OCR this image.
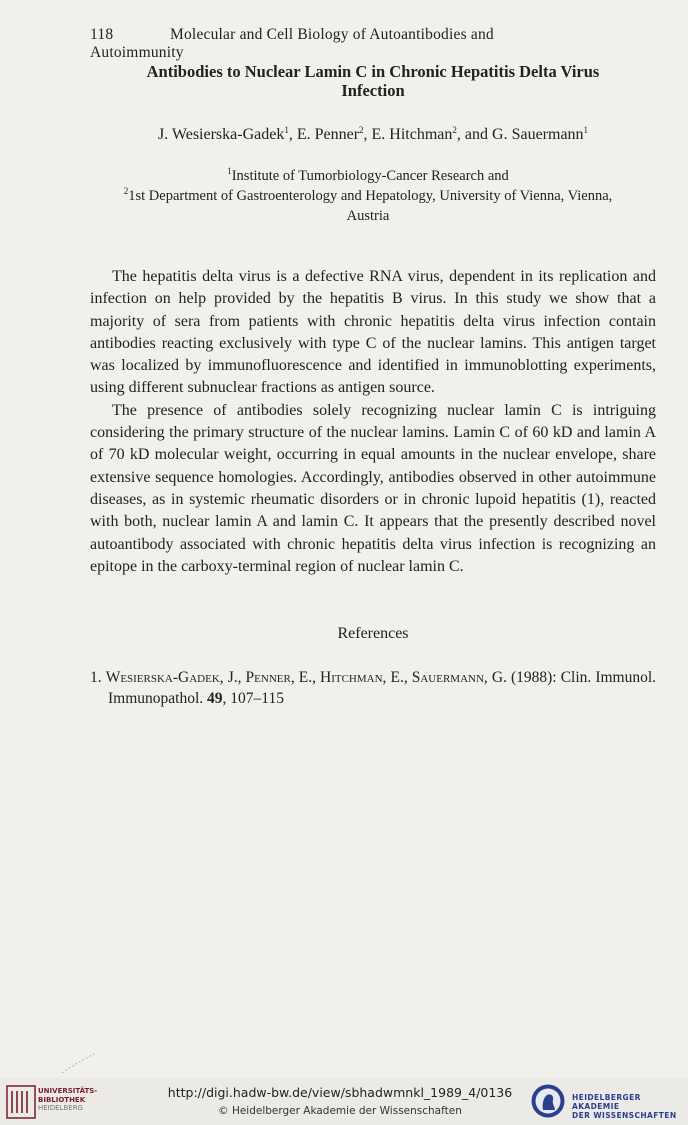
118	Molecular and Cell Biology of Autoantibodies and Autoimmunity
Antibodies to Nuclear Lamin C in Chronic Hepatitis Delta Virus
Infection
J. Wesierska-Gadek$^1$, E. Penner$^2$, E. Hitchman$^2$, and G. Sauermann$^1$
$^1$Institute of Tumorbiology-Cancer Research and
$^2$1st Department of Gastroenterology and Hepatology, University of Vienna, Vienna,
Austria

The hepatitis delta virus is a defective RNA virus, dependent in its replication and infection on help provided by the hepatitis B virus. In this study we show that a majority of sera from patients with chronic hepatitis delta virus infection contain antibodies reacting exclusively with type C of the nuclear lamins. This antigen target was localized by immunofluorescence and identified in immunoblotting experiments, using different subnuclear fractions as antigen source.

The presence of antibodies solely recognizing nuclear lamin C is intriguing considering the primary structure of the nuclear lamins. Lamin C of 60 kD and lamin A of 70 kD molecular weight, occurring in equal amounts in the nuclear envelope, share extensive sequence homologies. Accordingly, antibodies observed in other autoimmune diseases, as in systemic rheumatic disorders or in chronic lupoid hepatitis (1), reacted with both, nuclear lamin A and lamin C. It appears that the presently described novel autoantibody associated with chronic hepatitis delta virus infection is recognizing an epitope in the carboxy-terminal region of nuclear lamin C.

References
1. Wesierska-Gadek, J., Penner, E., Hitchman, E., Sauermann, G. (1988): Clin. Immunol. Immunopathol. 49, 107–115
UNIVERSITÄTS-
BIBLIOTHEK
HEIDELBERG
http://digi.hadw-bw.de/view/sbhadwmnkl_1989_4/0136
© Heidelberger Akademie der Wissenschaften
HEIDELBERGER AKADEMIE
DER WISSENSCHAFTEN
